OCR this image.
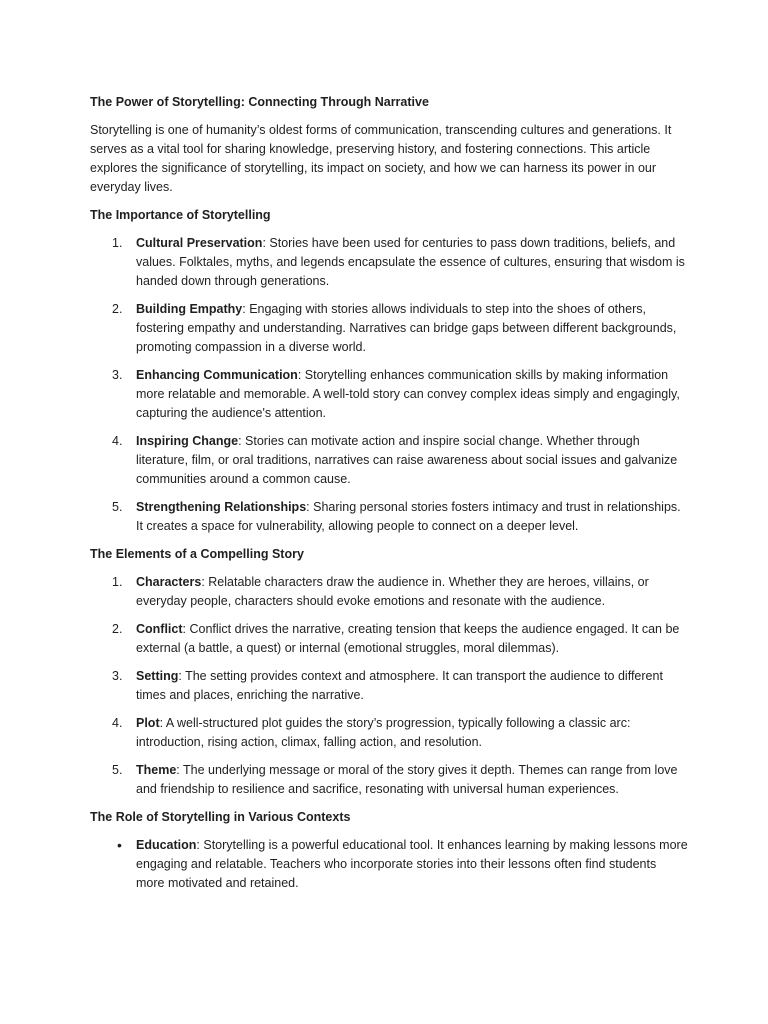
The Power of Storytelling: Connecting Through Narrative

Storytelling is one of humanity’s oldest forms of communication, transcending cultures and generations. It serves as a vital tool for sharing knowledge, preserving history, and fostering connections. This article explores the significance of storytelling, its impact on society, and how we can harness its power in our everyday lives.

The Importance of Storytelling
1.	Cultural Preservation: Stories have been used for centuries to pass down traditions, beliefs, and values. Folktales, myths, and legends encapsulate the essence of cultures, ensuring that wisdom is handed down through generations.
2.	Building Empathy: Engaging with stories allows individuals to step into the shoes of others, fostering empathy and understanding. Narratives can bridge gaps between different backgrounds, promoting compassion in a diverse world.
3.	Enhancing Communication: Storytelling enhances communication skills by making information more relatable and memorable. A well-told story can convey complex ideas simply and engagingly, capturing the audience's attention.
4.	Inspiring Change: Stories can motivate action and inspire social change. Whether through literature, film, or oral traditions, narratives can raise awareness about social issues and galvanize communities around a common cause.
5.	Strengthening Relationships: Sharing personal stories fosters intimacy and trust in relationships. It creates a space for vulnerability, allowing people to connect on a deeper level.
The Elements of a Compelling Story
1.	Characters: Relatable characters draw the audience in. Whether they are heroes, villains, or everyday people, characters should evoke emotions and resonate with the audience.
2.	Conflict: Conflict drives the narrative, creating tension that keeps the audience engaged. It can be external (a battle, a quest) or internal (emotional struggles, moral dilemmas).
3.	Setting: The setting provides context and atmosphere. It can transport the audience to different times and places, enriching the narrative.
4.	Plot: A well-structured plot guides the story’s progression, typically following a classic arc: introduction, rising action, climax, falling action, and resolution.
5.	Theme: The underlying message or moral of the story gives it depth. Themes can range from love and friendship to resilience and sacrifice, resonating with universal human experiences.
The Role of Storytelling in Various Contexts
•	Education: Storytelling is a powerful educational tool. It enhances learning by making lessons more engaging and relatable. Teachers who incorporate stories into their lessons often find students more motivated and retained.
